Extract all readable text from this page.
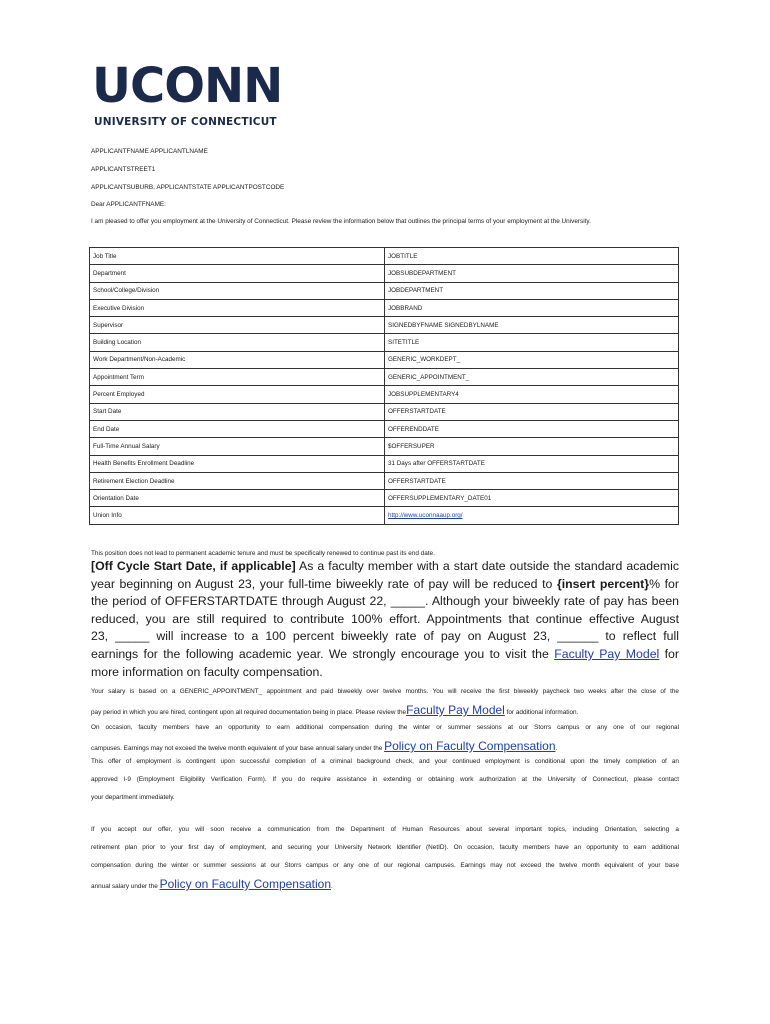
UCONN
UNIVERSITY OF CONNECTICUT
APPLICANTFNAME APPLICANTLNAME
APPLICANTSTREET1
APPLICANTSUBURB, APPLICANTSTATE APPLICANTPOSTCODE
Dear APPLICANTFNAME:
I am pleased to offer you employment at the University of Connecticut. Please review the information below that outlines the principal terms of your employment at the University.
Job Title	JOBTITLE
Department	JOBSUBDEPARTMENT
School/College/Division	JOBDEPARTMENT
Executive Division	JOBBRAND
Supervisor	SIGNEDBYFNAME SIGNEDBYLNAME
Building Location	SITETITLE
Work Department/Non-Academic	GENERIC_WORKDEPT_
Appointment Term	GENERIC_APPOINTMENT_
Percent Employed	JOBSUPPLEMENTARY4
Start Date	OFFERSTARTDATE
End Date	OFFERENDDATE
Full-Time Annual Salary	$OFFERSUPER
Health Benefits Enrollment Deadline	31 Days after OFFERSTARTDATE
Retirement Election Deadline	OFFERSTARTDATE
Orientation Date	OFFERSUPPLEMENTARY_DATE01
Union Info	http://www.uconnaaup.org/
This position does not lead to permanent academic tenure and must be specifically renewed to continue past its end date.
[Off Cycle Start Date, if applicable] As a faculty member with a start date outside the standard academic
year beginning on August 23, your full-time biweekly rate of pay will be reduced to {insert percent}% for
the period of OFFERSTARTDATE through August 22, _____. Although your biweekly rate of pay has been
reduced, you are still required to contribute 100% effort. Appointments that continue effective August
23, _____ will increase to a 100 percent biweekly rate of pay on August 23, ______ to reflect full
earnings for the following academic year. We strongly encourage you to visit the Faculty Pay Model for
more information on faculty compensation.
Your salary is based on a GENERIC_APPOINTMENT_ appointment and paid biweekly over twelve months. You will receive the first biweekly paycheck two weeks after the close of the
pay period in which you are hired, contingent upon all required documentation being in place. Please review theFaculty Pay Model for additional information.
On occasion, faculty members have an opportunity to earn additional compensation during the winter or summer sessions at our Storrs campus or any one of our regional
campuses. Earnings may not exceed the twelve month equivalent of your base annual salary under the Policy on Faculty Compensation.
This offer of employment is contingent upon successful completion of a criminal background check, and your continued employment is conditional upon the timely completion of an
approved I-9 (Employment Eligibility Verification Form). If you do require assistance in extending or obtaining work authorization at the University of Connecticut, please contact
your department immediately.
If you accept our offer, you will soon receive a communication from the Department of Human Resources about several important topics, including Orientation, selecting a
retirement plan prior to your first day of employment, and securing your University Network Identifier (NetID). On occasion, faculty members have an opportunity to earn additional
compensation during the winter or summer sessions at our Storrs campus or any one of our regional campuses. Earnings may not exceed the twelve month equivalent of your base
annual salary under the Policy on Faculty Compensation.
